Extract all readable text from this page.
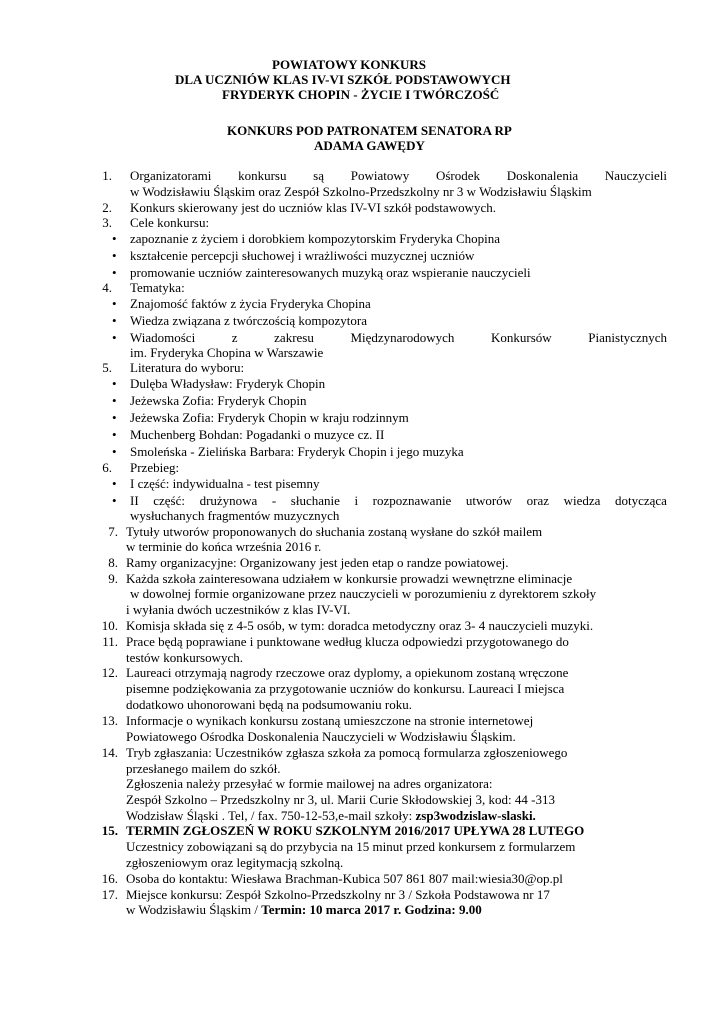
POWIATOWY KONKURS
DLA UCZNIÓW KLAS IV-VI SZKÓŁ PODSTAWOWYCH
FRYDERYK CHOPIN - ŻYCIE I TWÓRCZOŚĆ
KONKURS POD PATRONATEM SENATORA RP
ADAMA GAWĘDY
1. Organizatorami konkursu są Powiatowy Ośrodek Doskonalenia Nauczycieli
w Wodzisławiu Śląskim oraz Zespół Szkolno-Przedszkolny nr 3 w Wodzisławiu Śląskim
2. Konkurs skierowany jest do uczniów klas IV-VI szkół podstawowych.
3. Cele konkursu:
• zapoznanie z życiem i dorobkiem kompozytorskim Fryderyka Chopina
• kształcenie percepcji słuchowej i wrażliwości muzycznej uczniów
• promowanie uczniów zainteresowanych muzyką oraz wspieranie nauczycieli
4. Tematyka:
• Znajomość faktów z życia Fryderyka Chopina
• Wiedza związana z twórczością kompozytora
• Wiadomości	z	zakresu	Międzynarodowych	Konkursów	Pianistycznych
im. Fryderyka Chopina w Warszawie
5. Literatura do wyboru:
• Dulęba Władysław: Fryderyk Chopin
• Jeżewska Zofia: Fryderyk Chopin
• Jeżewska Zofia: Fryderyk Chopin w kraju rodzinnym
• Muchenberg Bohdan: Pogadanki o muzyce cz. II
• Smoleńska - Zielińska Barbara: Fryderyk Chopin i jego muzyka
6. Przebieg:
• I część: indywidualna - test pisemny
• II część: drużynowa - słuchanie i rozpoznawanie utworów oraz wiedza dotycząca
wysłuchanych fragmentów muzycznych
7. Tytuły utworów proponowanych do słuchania zostaną wysłane do szkół mailem
w terminie do końca września 2016 r.
8. Ramy organizacyjne: Organizowany jest jeden etap o randze powiatowej.
9. Każda szkoła zainteresowana udziałem w konkursie prowadzi wewnętrzne eliminacje
w dowolnej formie organizowane przez nauczycieli w porozumieniu z dyrektorem szkoły
i wyłania dwóch uczestników z klas IV-VI.
10. Komisja składa się z 4-5 osób, w tym: doradca metodyczny oraz 3- 4 nauczycieli muzyki.
11. Prace będą poprawiane i punktowane według klucza odpowiedzi przygotowanego do
testów konkursowych.
12. Laureaci otrzymają nagrody rzeczowe oraz dyplomy, a opiekunom zostaną wręczone
pisemne podziękowania za przygotowanie uczniów do konkursu. Laureaci I miejsca
dodatkowo uhonorowani będą na podsumowaniu roku.
13. Informacje o wynikach konkursu zostaną umieszczone na stronie internetowej
Powiatowego Ośrodka Doskonalenia Nauczycieli w Wodzisławiu Śląskim.
14. Tryb zgłaszania: Uczestników zgłasza szkoła za pomocą formularza zgłoszeniowego
przesłanego mailem do szkół.
Zgłoszenia należy przesyłać w formie mailowej na adres organizatora:
Zespół Szkolno – Przedszkolny nr 3, ul. Marii Curie Skłodowskiej 3, kod: 44 -313
Wodzisław Śląski . Tel, / fax. 750-12-53,e-mail szkoły: zsp3wodzislaw-slaski.
15. TERMIN ZGŁOSZEŃ W ROKU SZKOLNYM 2016/2017 UPŁYWA 28 LUTEGO
Uczestnicy zobowiązani są do przybycia na 15 minut przed konkursem z formularzem
zgłoszeniowym oraz legitymacją szkolną.
16. Osoba do kontaktu: Wiesława Brachman-Kubica 507 861 807 mail:wiesia30@op.pl
17. Miejsce konkursu: Zespół Szkolno-Przedszkolny nr 3 / Szkoła Podstawowa nr 17
w Wodzisławiu Śląskim / Termin: 10 marca 2017 r. Godzina: 9.00
